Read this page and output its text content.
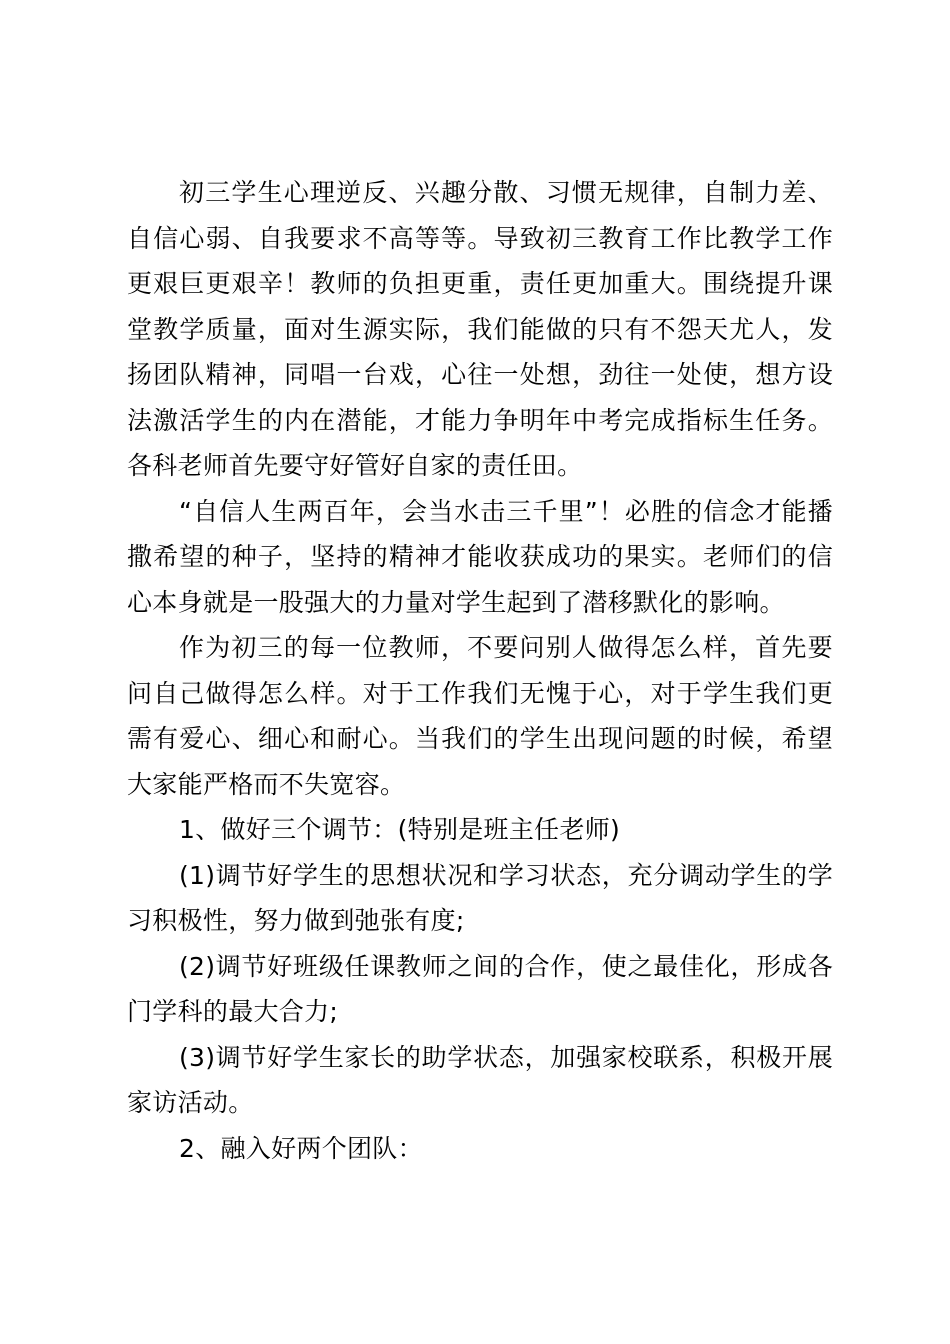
初三学生心理逆反、兴趣分散、习惯无规律，自制力差、自信心弱、自我要求不高等等。导致初三教育工作比教学工作更艰巨更艰辛！教师的负担更重，责任更加重大。围绕提升课堂教学质量，面对生源实际，我们能做的只有不怨天尤人，发扬团队精神，同唱一台戏，心往一处想，劲往一处使，想方设法激活学生的内在潜能，才能力争明年中考完成指标生任务。各科老师首先要守好管好自家的责任田。

“自信人生两百年，会当水击三千里”！必胜的信念才能播撒希望的种子，坚持的精神才能收获成功的果实。老师们的信心本身就是一股强大的力量对学生起到了潜移默化的影响。

作为初三的每一位教师，不要问别人做得怎么样，首先要问自己做得怎么样。对于工作我们无愧于心，对于学生我们更需有爱心、细心和耐心。当我们的学生出现问题的时候，希望大家能严格而不失宽容。

1、做好三个调节：(特别是班主任老师)

(1)调节好学生的思想状况和学习状态，充分调动学生的学习积极性，努力做到弛张有度;

(2)调节好班级任课教师之间的合作，使之最佳化，形成各门学科的最大合力;

(3)调节好学生家长的助学状态，加强家校联系，积极开展家访活动。

2、融入好两个团队：
